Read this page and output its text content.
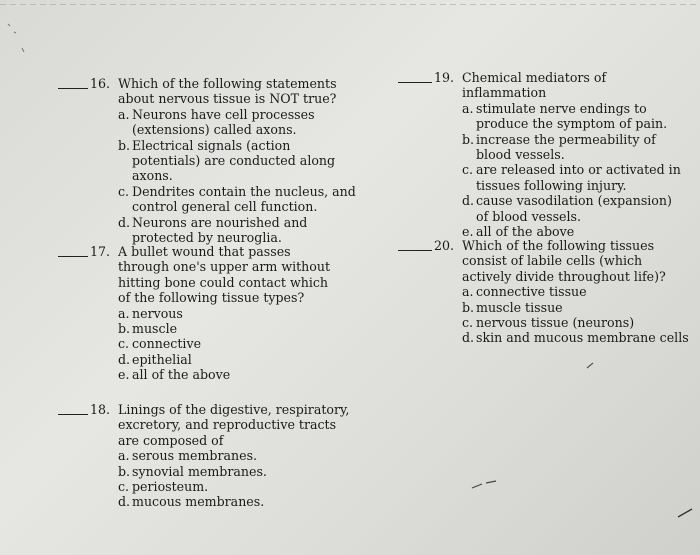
16. Which of the following statements about nervous tissue is NOT true?
a. Neurons have cell processes (extensions) called axons.
b. Electrical signals (action potentials) are conducted along axons.
c. Dendrites contain the nucleus, and control general cell function.
d. Neurons are nourished and protected by neuroglia.
17. A bullet wound that passes through one's upper arm without hitting bone could contact which of the following tissue types?
a. nervous
b. muscle
c. connective
d. epithelial
e. all of the above
18. Linings of the digestive, respiratory, excretory, and reproductive tracts are composed of
a. serous membranes.
b. synovial membranes.
c. periosteum.
d. mucous membranes.
19. Chemical mediators of inflammation
a. stimulate nerve endings to produce the symptom of pain.
b. increase the permeability of blood vessels.
c. are released into or activated in tissues following injury.
d. cause vasodilation (expansion) of blood vessels.
e. all of the above
20. Which of the following tissues consist of labile cells (which actively divide throughout life)?
a. connective tissue
b. muscle tissue
c. nervous tissue (neurons)
d. skin and mucous membrane cells
